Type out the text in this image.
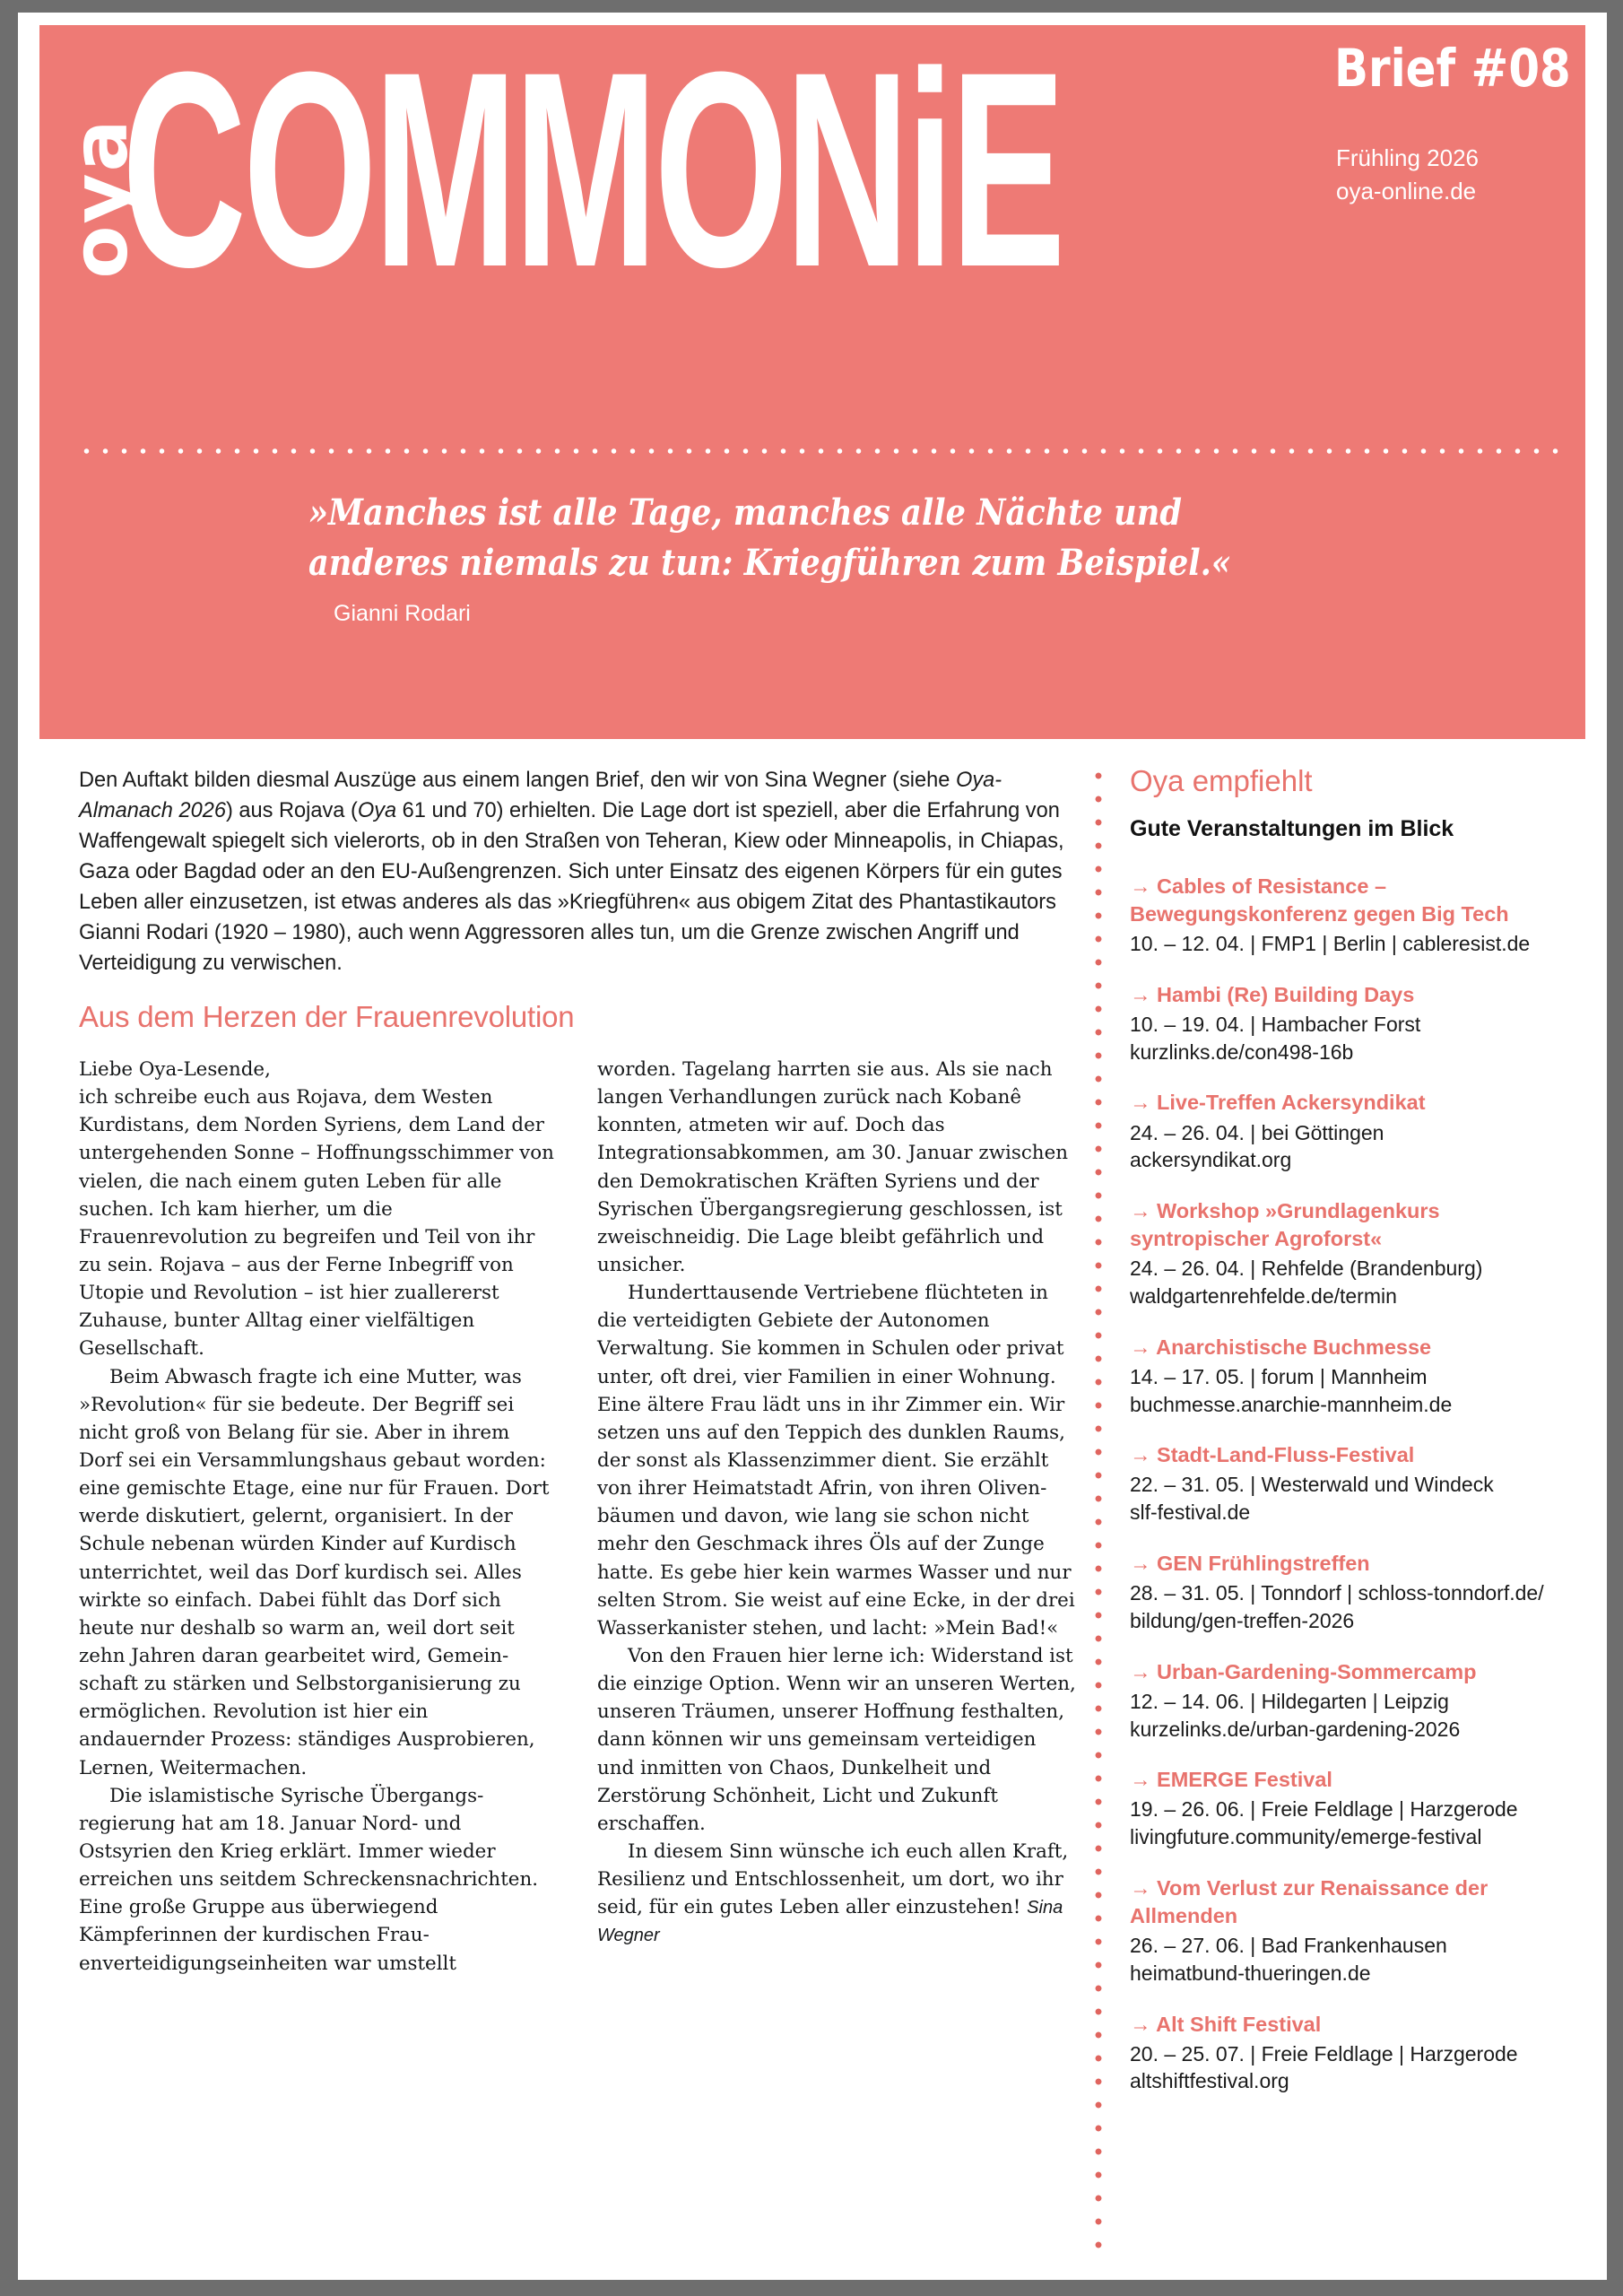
oya
COMMONiE	Brief #08
Frühling 2026
oya-online.de
»Manches ist alle Tage, manches alle Nächte und
anderes niemals zu tun: Kriegführen zum Beispiel.«
Gianni Rodari
Den Auftakt bilden diesmal Auszüge aus einem langen Brief, den wir von Sina Wegner (siehe Oya-Almanach 2026) aus Rojava (Oya 61 und 70) erhielten. Die Lage dort ist speziell, aber die Erfahrung von Waffengewalt spiegelt sich vielerorts, ob in den Straßen von Teheran, Kiew oder Minneapolis, in Chiapas, Gaza oder Bagdad oder an den EU-Außengrenzen. Sich unter Einsatz des eigenen Körpers für ein gutes Leben aller einzusetzen, ist etwas anderes als das »Kriegführen« aus obigem Zitat des Phantastikautors Gianni Rodari (1920 – 1980), auch wenn Aggressoren alles tun, um die Grenze zwischen Angriff und Verteidigung zu verwischen.
Aus dem Herzen der Frauenrevolution

Liebe Oya-Lesende,

ich schreibe euch aus Rojava, dem Westen Kurdistans, dem Norden Syriens, dem Land der untergehenden Sonne – Hoffnungsschimmer von vielen, die nach einem guten Leben für alle suchen. Ich kam hierher, um die Frauenrevolution zu begreifen und Teil von ihr zu sein. Rojava – aus der Ferne Inbegriff von Utopie und Revolution – ist hier zuallererst Zuhause, bunter Alltag einer vielfältigen Gesellschaft.

Beim Abwasch fragte ich eine Mutter, was »Revolution« für sie bedeute. Der Begriff sei nicht groß von Belang für sie. Aber in ihrem Dorf sei ein Versammlungshaus gebaut worden: eine gemischte Etage, eine nur für Frauen. Dort werde diskutiert, gelernt, organisiert. In der Schule nebenan würden Kinder auf Kurdisch unterrichtet, weil das Dorf kurdisch sei. Alles wirkte so einfach. Dabei fühlt das Dorf sich heute nur deshalb so warm an, weil dort seit zehn Jahren daran gearbeitet wird, Gemeinschaft zu stärken und Selbstorganisierung zu ermöglichen. Revolution ist hier ein andauernder Prozess: ständiges Ausprobieren, Lernen, Weitermachen.

Die islamistische Syrische Übergangsregierung hat am 18. Januar Nord- und Ostsyrien den Krieg erklärt. Immer wieder erreichen uns seitdem Schreckensnachrichten. Eine große Gruppe aus überwiegend Kämpferinnen der kurdischen Frauenverteidigungseinheiten war umstellt

worden. Tagelang harrten sie aus. Als sie nach langen Verhandlungen zurück nach Kobanê konnten, atmeten wir auf. Doch das Integrationsabkommen, am 30. Januar zwischen den Demokratischen Kräften Syriens und der Syrischen Übergangsregierung geschlossen, ist zweischneidig. Die Lage bleibt gefährlich und unsicher.

Hunderttausende Vertriebene flüchteten in die verteidigten Gebiete der Autonomen Verwaltung. Sie kommen in Schulen oder privat unter, oft drei, vier Familien in einer Wohnung. Eine ältere Frau lädt uns in ihr Zimmer ein. Wir setzen uns auf den Teppich des dunklen Raums, der sonst als Klassenzimmer dient. Sie erzählt von ihrer Heimatstadt Afrin, von ihren Olivenbäumen und davon, wie lang sie schon nicht mehr den Geschmack ihres Öls auf der Zunge hatte. Es gebe hier kein warmes Wasser und nur selten Strom. Sie weist auf eine Ecke, in der drei Wasserkanister stehen, und lacht: »Mein Bad!«

Von den Frauen hier lerne ich: Widerstand ist die einzige Option. Wenn wir an unseren Werten, unseren Träumen, unserer Hoffnung festhalten, dann können wir uns gemeinsam verteidigen und inmitten von Chaos, Dunkelheit und Zerstörung Schönheit, Licht und Zukunft erschaffen.

In diesem Sinn wünsche ich euch allen Kraft, Resilienz und Entschlossenheit, um dort, wo ihr seid, für ein gutes Leben aller einzustehen! Sina Wegner

Oya empfiehlt
Gute Veranstaltungen im Blick
→ Cables of Resistance – Bewegungskonferenz gegen Big Tech
10. – 12. 04. | FMP1 | Berlin | cableresist.de
→ Hambi (Re) Building Days
10. – 19. 04. | Hambacher Forst
kurzlinks.de/con498-16b
→ Live-Treffen Ackersyndikat
24. – 26. 04. | bei Göttingen
ackersyndikat.org
→ Workshop »Grundlagenkurs syntropischer Agroforst«
24. – 26. 04. | Rehfelde (Brandenburg)
waldgartenrehfelde.de/termin
→ Anarchistische Buchmesse
14. – 17. 05. | forum | Mannheim
buchmesse.anarchie-mannheim.de
→ Stadt-Land-Fluss-Festival
22. – 31. 05. | Westerwald und Windeck
slf-festival.de
→ GEN Frühlingstreffen
28. – 31. 05. | Tonndorf | schloss-tonndorf.de/
bildung/gen-treffen-2026
→ Urban-Gardening-Sommercamp
12. – 14. 06. | Hildegarten | Leipzig
kurzelinks.de/urban-gardening-2026
→ EMERGE Festival
19. – 26. 06. | Freie Feldlage | Harzgerode
livingfuture.community/emerge-festival
→ Vom Verlust zur Renaissance der Allmenden
26. – 27. 06. | Bad Frankenhausen
heimatbund-thueringen.de
→ Alt Shift Festival
20. – 25. 07. | Freie Feldlage | Harzgerode
altshiftfestival.org
